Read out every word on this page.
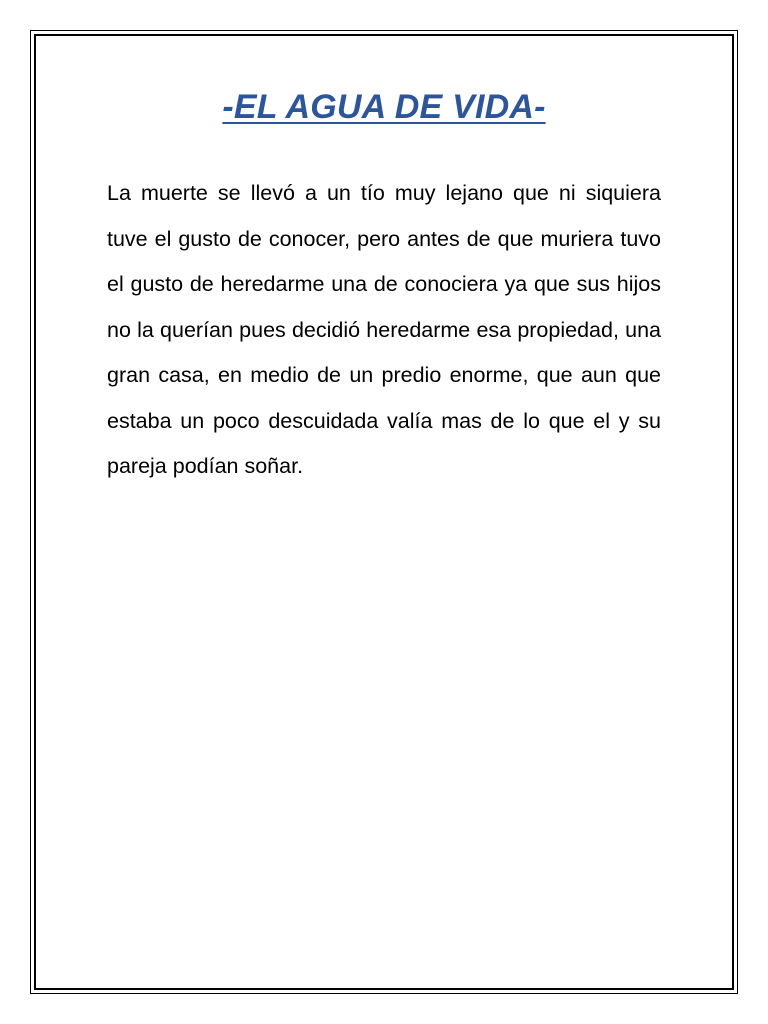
-EL AGUA DE VIDA-

La muerte se llevó a un tío muy lejano que ni siquiera tuve el gusto de conocer, pero antes de que muriera tuvo el gusto de heredarme una de conociera ya que sus hijos no la querían pues decidió heredarme esa propiedad, una gran casa, en medio de un predio enorme, que aun que estaba un poco descuidada valía mas de lo que el y su pareja podían soñar.
